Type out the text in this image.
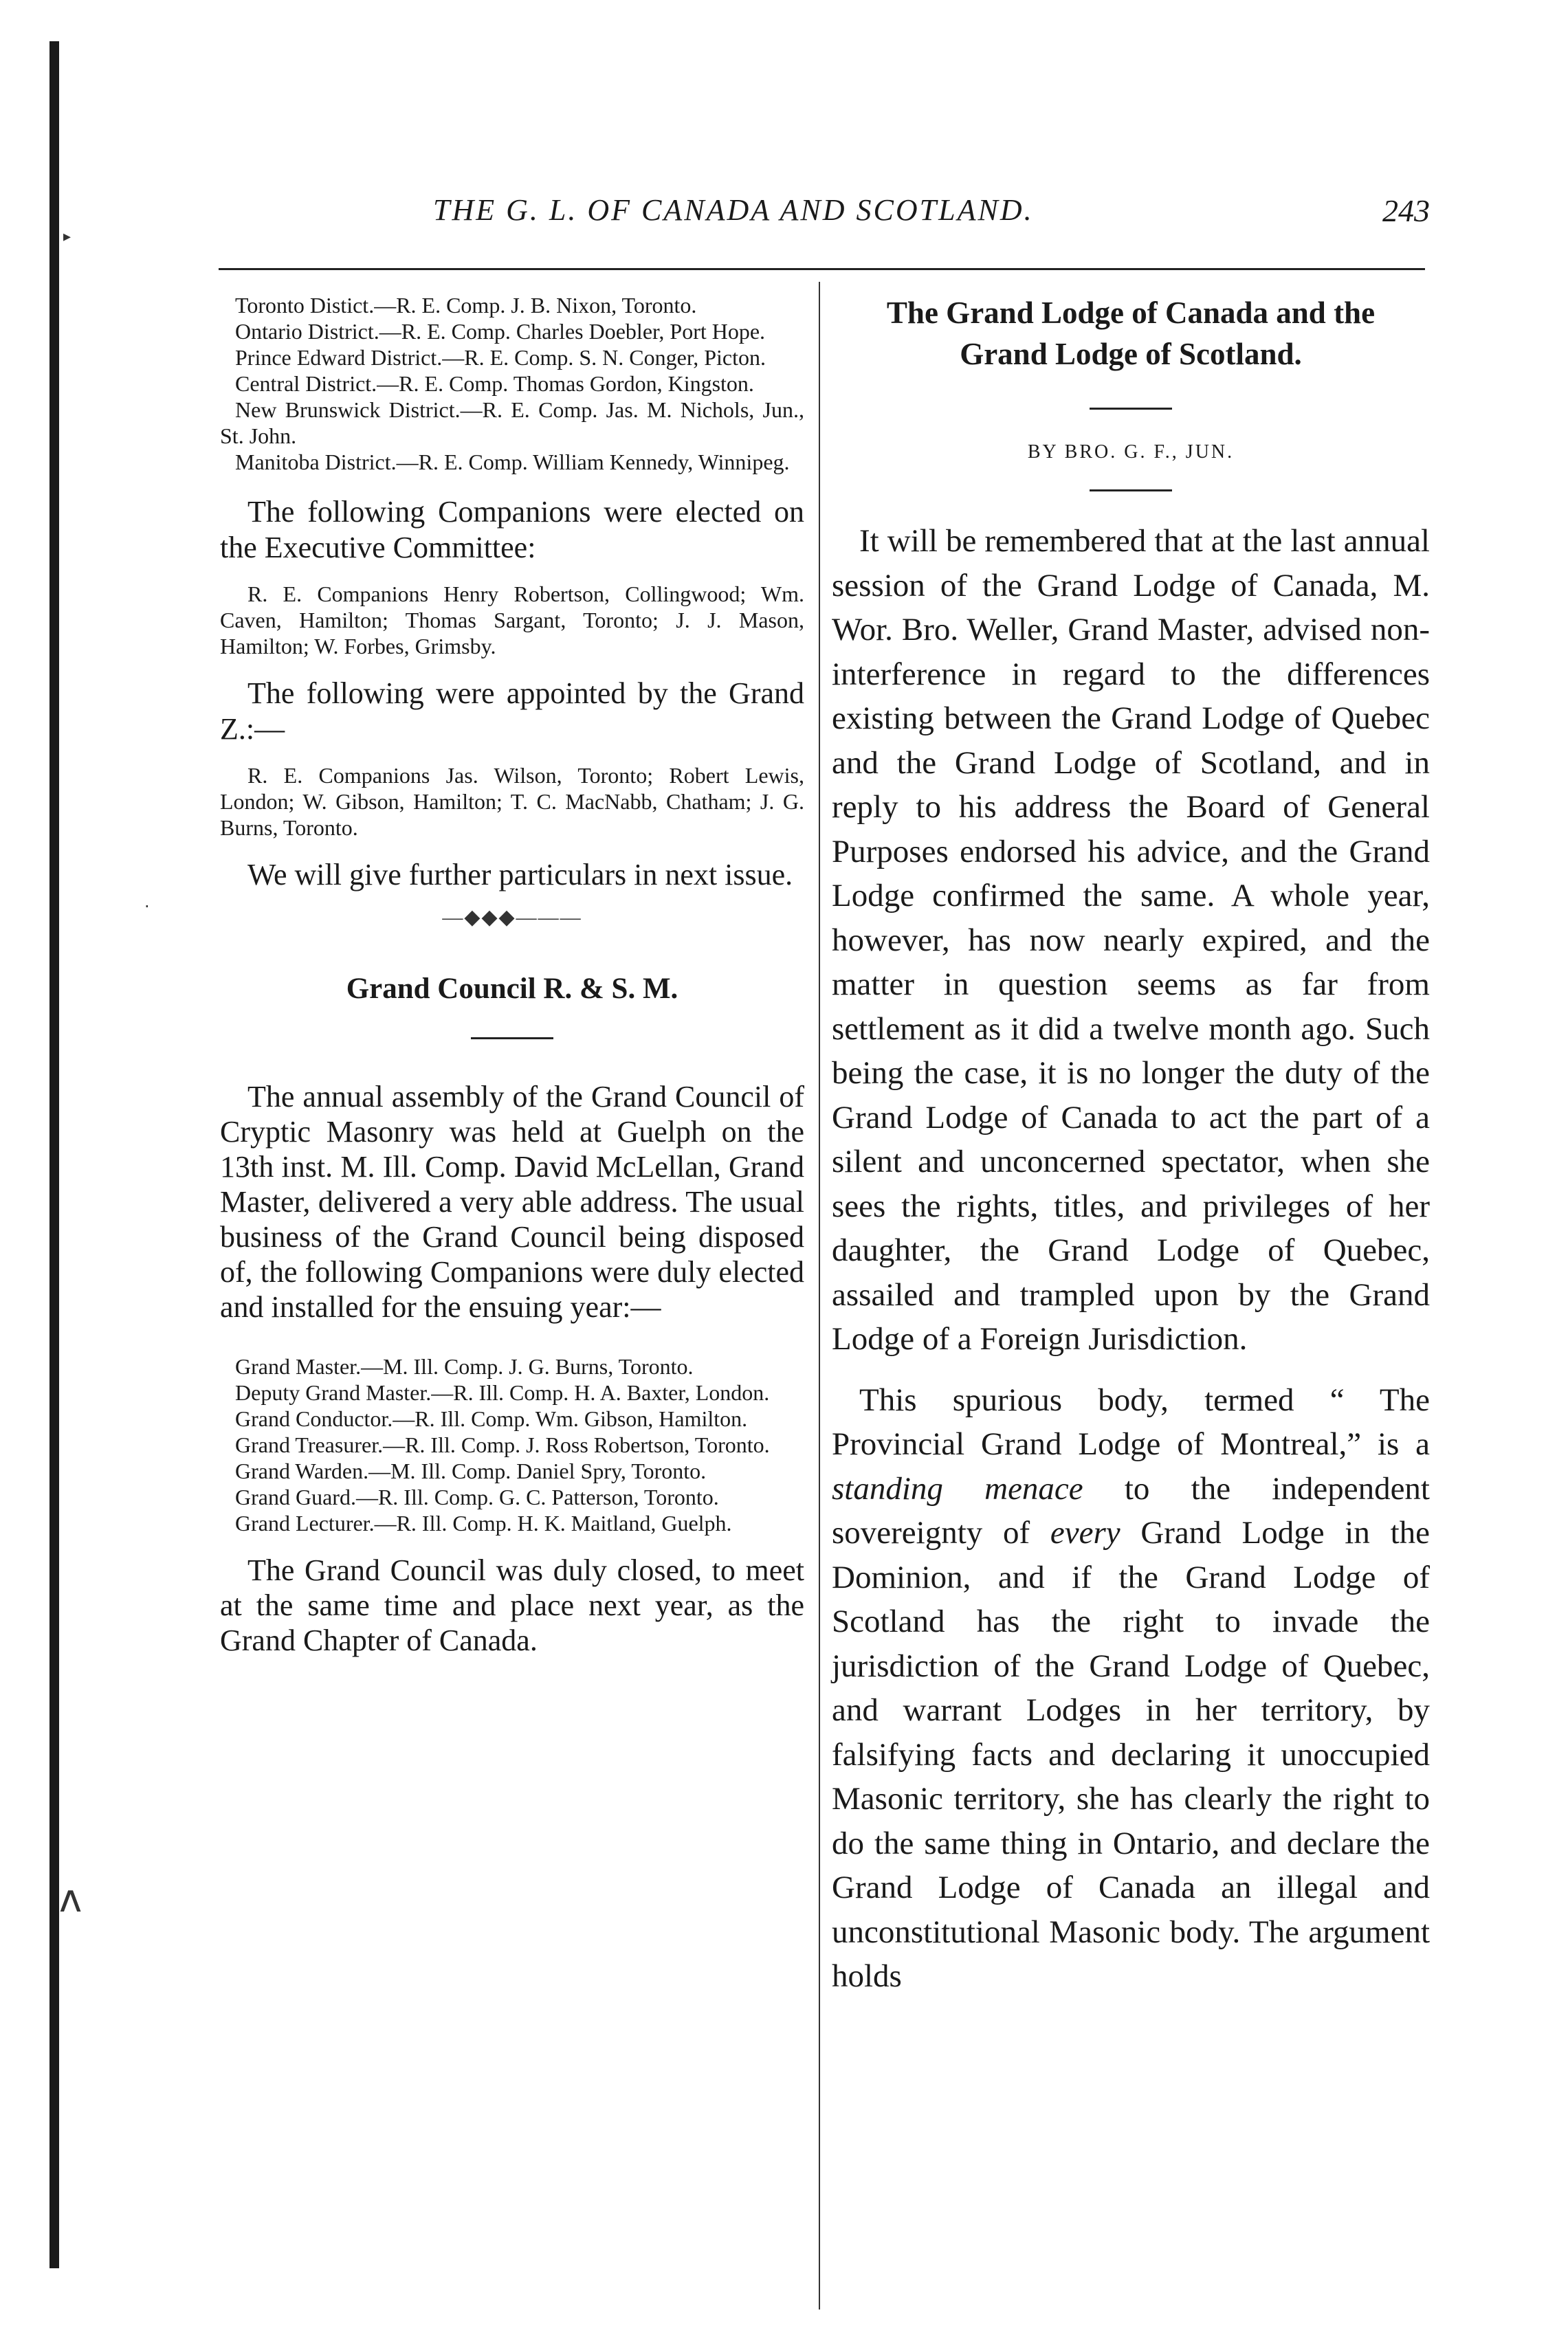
▸
·
ʌ
THE G. L. OF CANADA AND SCOTLAND.	243

Toronto Distict.—R. E. Comp. J. B. Nixon, Toronto.

Ontario District.—R. E. Comp. Charles Doebler, Port Hope.

Prince Edward District.—R. E. Comp. S. N. Conger, Picton.

Central District.—R. E. Comp. Thomas Gordon, Kingston.

New Brunswick District.—R. E. Comp. Jas. M. Nichols, Jun., St. John.

Manitoba District.—R. E. Comp. William Kennedy, Winnipeg.

The following Companions were elected on the Executive Committee:

R. E. Companions Henry Robertson, Collingwood; Wm. Caven, Hamilton; Thomas Sargant, Toronto; J. J. Mason, Hamilton; W. Forbes, Grimsby.

The following were appointed by the Grand Z.:—

R. E. Companions Jas. Wilson, Toronto; Robert Lewis, London; W. Gibson, Hamilton; T. C. MacNabb, Chatham; J. G. Burns, Toronto.

We will give further particulars in next issue.

—◆◆◆———

Grand Council R. & S. M.

The annual assembly of the Grand Council of Cryptic Masonry was held at Guelph on the 13th inst. M. Ill. Comp. David McLellan, Grand Master, delivered a very able address. The usual business of the Grand Council being disposed of, the following Companions were duly elected and installed for the ensuing year:—

Grand Master.—M. Ill. Comp. J. G. Burns, Toronto.

Deputy Grand Master.—R. Ill. Comp. H. A. Baxter, London.

Grand Conductor.—R. Ill. Comp. Wm. Gibson, Hamilton.

Grand Treasurer.—R. Ill. Comp. J. Ross Robertson, Toronto.

Grand Warden.—M. Ill. Comp. Daniel Spry, Toronto.

Grand Guard.—R. Ill. Comp. G. C. Patterson, Toronto.

Grand Lecturer.—R. Ill. Comp. H. K. Maitland, Guelph.

The Grand Council was duly closed, to meet at the same time and place next year, as the Grand Chapter of Canada.

The Grand Lodge of Canada and the

Grand Lodge of Scotland.

BY BRO. G. F., JUN.

It will be remembered that at the last annual session of the Grand Lodge of Canada, M. Wor. Bro. Weller, Grand Master, advised non-interference in regard to the differences existing between the Grand Lodge of Quebec and the Grand Lodge of Scotland, and in reply to his address the Board of General Purposes endorsed his advice, and the Grand Lodge confirmed the same. A whole year, however, has now nearly expired, and the matter in question seems as far from settlement as it did a twelve month ago. Such being the case, it is no longer the duty of the Grand Lodge of Canada to act the part of a silent and unconcerned spectator, when she sees the rights, titles, and privileges of her daughter, the Grand Lodge of Quebec, assailed and trampled upon by the Grand Lodge of a Foreign Jurisdiction.

This spurious body, termed “ The Provincial Grand Lodge of Montreal,” is a standing menace to the independent sovereignty of every Grand Lodge in the Dominion, and if the Grand Lodge of Scotland has the right to invade the jurisdiction of the Grand Lodge of Quebec, and warrant Lodges in her territory, by falsifying facts and declaring it unoccupied Masonic territory, she has clearly the right to do the same thing in Ontario, and declare the Grand Lodge of Canada an illegal and unconstitutional Masonic body. The argument holds
